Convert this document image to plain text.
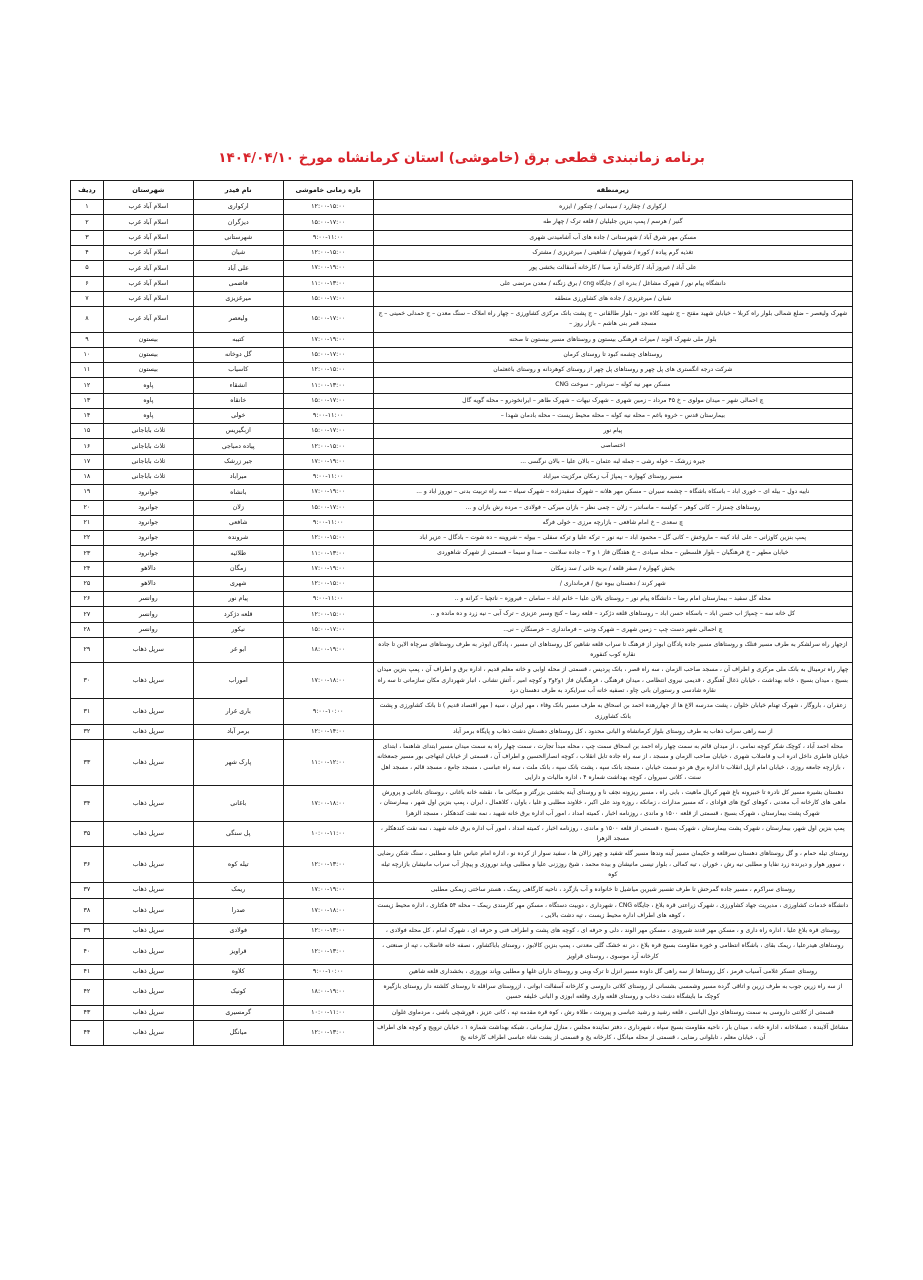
برنامه زمانبندی قطعی برق (خاموشی) استان کرمانشاه مورخ ۱۴۰۴/۰۴/۱۰
زیرمنطقه	بازه زمانی خاموشی	نام فیدر	شهرستان	ردیف
ارکواری / چقازرد / سیمانی / چنکور / ایزره	۱۲:۰۰-۱۵:۰۰	ارکواری	اسلام آباد غرب	۱
گنیر / هرسم / پمپ بنزین جلیلیان / قلعه ترک / چهار طه	۱۵:۰۰-۱۷:۰۰	دیزگران	اسلام آباد غرب	۲
مسکن مهر شرق آباد / شهرستانی / جاده های آب آشامیدنی شهری	۹:۰۰-۱۱:۰۰	شهرستانی	اسلام آباد غرب	۳
تغذیه گرم پیاده / کوره / شونهان / شاهینی / میرغزیزی / مشترک	۱۲:۰۰-۱۵:۰۰	شیان	اسلام آباد غرب	۴
علی آباد / غیروز آباد / کارخانه آرد صبا / کارخانه آسفالت بخشی پور	۱۷:۰۰-۱۹:۰۰	علی آباد	اسلام آباد غرب	۵
دانشگاه پیام نور / شهرک مشاغل / بدره ای / جایگاه cng / برق زنگنه / معدن مرتضی علی	۱۱:۰۰-۱۳:۰۰	فاضمی	اسلام آباد غرب	۶
شیان / میرغزیزی / جاده های کشاورزی منطقه	۱۵:۰۰-۱۷:۰۰	میرغزیزی	اسلام آباد غرب	۷
شهرک ولیعصر – ضلع شمالی بلوار راه کربلا – خیابان شهید مفتح – ج شهید کلاه دوز – بلوار طالقانی – ج پشت بانک مرکزی کشاورزی – چهار راه املاک – سنگ معدن – ج حمدلی خمینی – ج مسجد قمر بنی هاشم – بازار روز –	۱۵:۰۰-۱۷:۰۰	ولیعصر	اسلام آباد غرب	۸
بلوار ملی شهرک الوند / میراث فرهنگی بیستون و روستاهای مسیر بیستون تا صحنه	۱۷:۰۰-۱۹:۰۰	کتیبه	بیستون	۹
روستاهای چشمه کبود تا روستای کرمان	۱۵:۰۰-۱۷:۰۰	گل دوخانه	بیستون	۱۰
شرکت درجه انگستری های پل چهر و روستاهای پل چهر از روستای کوهردانه و روستای باغعثمان	۱۲:۰۰-۱۵:۰۰	کاسیاب	بیستون	۱۱
مسکن مهر نیه کوله – سرداور – سوخت CNG	۱۱:۰۰-۱۳:۰۰	انشقاء	پاوه	۱۲
چ احمالی شهر – میدان مولوی – خ ۴۵ مرداد – زمین شهری – شهرک نیهات – شهرک طاهر – ایرانخودرو – محله گویه گال	۱۵:۰۰-۱۷:۰۰	خانقاه	پاوه	۱۳
بیمارستان قدس – خروه باغم – محله نیه کوله – محله محیط زیست – محله بادمان شهدا –	۹:۰۰-۱۱:۰۰	خولی	پاوه	۱۴
پیام نور	۱۵:۰۰-۱۷:۰۰	ازبگیریس	ثلاث باباجانی	۱۵
اختصاصی	۱۲:۰۰-۱۵:۰۰	پیاده دمباجی	ثلاث باباجانی	۱۶
جیره زرشک – خوله رشی – جمله لبه عثمان – بالان علیا – بالان نرگسی ...	۱۷:۰۰-۱۹:۰۰	جیر زرشک	ثلاث باباجانی	۱۷
مسیر روستای کهواره – پمپاژ آب زمکان مرکزیت میراباد	۹:۰۰-۱۱:۰۰	میراباد	ثلاث باباجانی	۱۸
ناییه دول – بیله ای – خوری اباد – باسکاه باشگاه – چشمه سیران – مسکن مهر هلانه – شهرک سفیدزاده – شهرک سیاه – سه راه تربیت بدنی – نوروز اباد و ...	۱۷:۰۰-۱۹:۰۰	بانشاه	جوانرود	۱۹
روستاهای چمنزار – کانی کوهر – کولسه – ماساندر – زلان – چمی نظر – بازان میرکی – فولادی – مرده رش بازان و ...	۱۵:۰۰-۱۷:۰۰	زلان	جوانرود	۲۰
چ سعدی – خ امام شافعی – بازارچه مرزی – خولی فرگه	۹:۰۰-۱۱:۰۰	شافعی	جوانرود	۲۱
پمپ بنزین کاوزانی – علی اباد کینه – ماروخش – کانی گل – محمود اباد – نیه نور – ترکه علیا و ترکه سفلی – بیوله – شروینه – ده شوت – بادگال – عزیر اباد	۱۲:۰۰-۱۵:۰۰	شرونده	جوانرود	۲۲
خیابان مطهر – خ فرهنگیان – بلوار فلسطین – محله صیادی – خ هفتگان فاز ۱ و ۳ – جاده سلامت – صدا و سیما – قسمتی از شهرک شاهوردی	۱۱:۰۰-۱۳:۰۰	طلائیه	جوانرود	۲۳
بخش کهواره / صفر قلعه / بریه خانی / سد زمکان	۱۷:۰۰-۱۹:۰۰	زمگان	دالاهو	۲۴
شهر کرند / دهستان بیوه نبخ / فرمانداری /	۱۲:۰۰-۱۵:۰۰	شهری	دالاهو	۲۵
محله گل سفید – بیمارستان امام رضا – دانشگاه پیام نور – روستای بالان علیا – خانم اباد – سامان – فیروزه – ناتچیا – کرانه و ..	۹:۰۰-۱۱:۰۰	پیام نور	روانسر	۲۶
کل خانه سه – چمپاژ اب حسن اباد – باسکاه حسن اباد – روستاهای قلعه دژکرد – قلعه رضا – کنج وسبر عزیزی – ترک آبی – نیه زرد و ده مانده و ..	۱۲:۰۰-۱۵:۰۰	قلعه دژکرد	روانسر	۲۷
چ احمالی شهر دست چپ – زمین شهری – شهرک ودنی – فرمانداری – خرصنگان – نی..	۱۵:۰۰-۱۷:۰۰	نیکور	روانسر	۲۸
ازجهار راه سرلشکر به طرف مسیر فنلک و روستاهای مسیر جاده پادگان ابوذر از فرهنگ تا سراب قلعه شاهین کل روستاهای ان مسیر ، پادگان ابوذر به طرف روستاهای سرچاه الاین تا جاده نقاره کوب کنفوره	۱۸:۰۰-۱۹:۰۰	ابو غر	سرپل ذهاب	۲۹
چهار راه ترمینال به بانک ملی مرکزی و اطراف آن ، مسجد صاحب الزمان ، سه راه قصر ، بانک پردیس ، قسمتی از محله اوابی و خانه معلم قدیم ، اداره برق و اطراف آن ، پمپ بنزین میدان بسیج ، میدان بسیج ، خانه بهداشت ، خیابان ذغال آهنگری ، قدیمی نیروی انتظامی ، میدان فرهنگی ، فرهنگیان فاز ۱و۲و۳ و کوچه امیر ، آتش نشانی ، انبار شهرداری مکان سازمانی تا سه راه نقاره شادسی و رستوران بانی چاو ، تصفیه خانه آب سرایکرد به طرف دهستان درد	۱۷:۰۰-۱۸:۰۰	اموراب	سرپل ذهاب	۳۰
زعفران ، باروگار ، شهرک تهنام خیابان خلوان ، پشت مدرسه الاغ ها از جهاررهده احمد بن اسحاق به طرف مسیر بانک وفاء ، مهر ایران ، سیه ( مهر اقتصاد قدیم ) تا بانک کشاورزی و پشت بانک کشاورزی	۹:۰۰-۱۰:۰۰	باری غرار	سرپل ذهاب	۳۱
از سه راهی سراب ذهاب به طرف روستای بلوار کرمانشاه و البانی محدود ، کل روستاهای دهستان دشت ذهاب و پایگاه برمر آباد	۱۲:۰۰-۱۴:۰۰	برمر آباد	سرپل ذهاب	۳۲
محله احمد آباد ، کوچک شکر کوچه نمامی ، از میدان قائم به سمت چهار راه احمد بن اسحاق سمت چپ ، محله مبدأ تجارت ، سمت چهار راه به سمت میدان مسیر ابتدای شاهنما ، ابتدای خیابان فاطری داخل ادره اب و فاضلاب شهری ، خیابان صاحب الزمان و مسجد ، از سه راه جاده تابل انقلاب ، کوچه انصارالحسین و اطراف آن ، قسمتی از خیابان ابتهاجی بور مسیر جمعخانه ، بازارچه جامعه روزی ، خیابان امام ازپل انقلاب تا اداره برق هر دو سمت خیابان ، مسجد بانک سپه ، پشت بانک سپه ، بانک ملت ، سه راه عباسی ، مسجد جامع ، مسجد قائم ، مسجد اهل سنت ، کلانی سیروان ، کوچه بهداشت شماره ۴ ، اداره مالیات و دارایی	۱۱:۰۰-۱۲:۰۰	پارک شهر	سرپل ذهاب	۳۳
دهستان بشیره مسیر کل نادره تا خبیرونه باغ شهر کربال ماهیت ، بابی راه ، مسیر ریزونه نجف نا و روستای آینه بخشتی بزرگتر و میکانی ما ، نقشه خانه باغانی ، روستای باغانی و پرورش ماهی های کارخانه آب معدنی ، کوهای کوخ های قوادای ، که مسیر مدارات ، زمانکه ، روزه وند علی اکبر ، خلاوند مطلبی و غلیا ، باوان ، کلاهمال ، ایران ، پمپ بنزین اول شهر ، بیمارستان ، شهرک پشت بیمارستان ، شهرک بسیج ، قسمتی از قلعه ۱۵۰۰ و ماندی ، روزنامه اخبار ، کمیته امداد ، امور آب اداره برق خانه شهید ، نمه نفت کندهکلر ، مسجد الزهرا	۱۷:۰۰-۱۸:۰۰	باغانی	سرپل ذهاب	۳۴
پمپ بنزین اول شهر، بیمارستان ، شهرک پشت بیمارستان ، شهرک بسیج ، قسمتی از قلعه ۱۵۰۰ و ماندی ، روزنامه اخبار ، کمیته امداد ، امور آب اداره برق خانه شهید ، نمه نفت کندهکلر ، مسجد الزهرا	۱۰:۰۰-۱۱:۰۰	پل سنگی	سرپل ذهاب	۳۵
روستای تیله حمام ، و گل روستاهای دهستان سرقلعه و حکیمان مسیر آینه وندها مسیر گله شفید و چهر زالان ها ، سفید سوار از کرده نو ، اداره امام عباس علیا و مطلبی ، سنگ شکن رضایی ، سوور هوار و دیرنده زرد نفایا و مطلبی نیه رش ، خوران ، تیه کمالی ، بلوار نیسی مانیشان و بیده محمد ، شیخ روززنی علیا و مطلبی وپاند نوروزی و پیچاز آب سراب مانیشان بازارچه تیله کوه	۱۲:۰۰-۱۳:۰۰	تیله کوه	سرپل ذهاب	۳۶
روستای سراکرم ، مسیر جاده گمرحش تا طرف تفسیر شیرین میاشیل تا خانواده و آب بازگرد ، ناحیه کارگاهی ریمک ، هستر ساختی زیمکی مطلبی	۱۷:۰۰-۱۹:۰۰	ریمک	سرپل ذهاب	۳۷
دانشگاه خدمات کشاورزی ، مدیریت جهاد کشاورزی ، شهرک زراعتی قره بلاغ ، جایگاه CNG ، شهرداری ، دوبیت دستگاه ، مسکن مهر کارمندی ریمک – محله ۵۴ هکتاری ، اداره محیط زیست ، کوهه های اطراف اداره محیط زیست ، تپه دشت بالایی ،	۱۷:۰۰-۱۸:۰۰	صدرا	سرپل ذهاب	۳۸
روستای قره بلاغ علیا ، اداره راه داری و ، مسکن مهر قدند شیرودی ، مسکن مهر الوند ، دلی و حرفه ای ، کوچه های پشت و اطراف فنی و حرفه ای ، شهرک امام ، کل محله فولادی ،	۱۲:۰۰-۱۳:۰۰	فولادی	سرپل ذهاب	۳۹
روستاهای هیدرعلیا ، ریمک بقای ، باشگاه انتظامی و خوره مقاومت بسیج قره بلاغ ، در نه خشک گلی معدنی ، پمپ بنزین کالابوز ، روستای باباکشاور ، نصفه خانه فاضلاب ، تپه از صنعتی ، کارخانه آرد موسوی ، روستای قراویز	۱۲:۰۰-۱۳:۰۰	قراویز	سرپل ذهاب	۴۰
روستای عسکر غلامی آسیاب فرمز ، کل روستاها از سه راهی گل داوده مسیر انزل تا ترک وبنی و روستای داران غلها و مطلبی وپاند نوروزی ، بخشداری قلعه شاهین	۹:۰۰-۱۰:۰۰	کلاوه	سرپل ذهاب	۴۱
از سه راه زرین جوب به طرف زرین و اتاقی گرده مسیر وشمسی بشسانی از روستای کلاتی داروسی و کارخانه آسفالت ابوانی ، ازروستای سراقله تا روستای کلشته دار روستای بازگیره کوچک ما بایشگاه دشت دخاب و روستای قلعه واری وقلعه ابوزی و البانی خلیفه حسین	۱۸:۰۰-۱۹:۰۰	کونیک	سرپل ذهاب	۴۲
قسمتی از کلانتی داروسی به سمت روستاهای دول الیاسی ، قلعه رشید و رشید عباسی و پیرونت ، طلاه رش ، کوه قره مقدمه تپه ، کانی عزیز ، قورشچی باشی ، مردماوی غلوان	۱۰:۰۰-۱۱:۰۰	گرمسیری	سرپل ذهاب	۴۳
مشاغل آلاینده ، عسلاخانه ، اداره خانه ، میدان بار ، ناحیه مقاومت بسیج سپاه ، شهرداری ، دفتر نماینده مجلس ، منازل سازمانی ، شبکه بهداشت شماره ۱ ، خیابان ترویج و کوچه های اطراف آن ، خیابان معلم ، تابلوانی رضایی ، قسمتی از محله میانگل ، کارخانه یخ و قسمتی از پشت شاه عباسی اطراف کارخانه یخ	۱۲:۰۰-۱۳:۰۰	میانگل	سرپل ذهاب	۴۴
